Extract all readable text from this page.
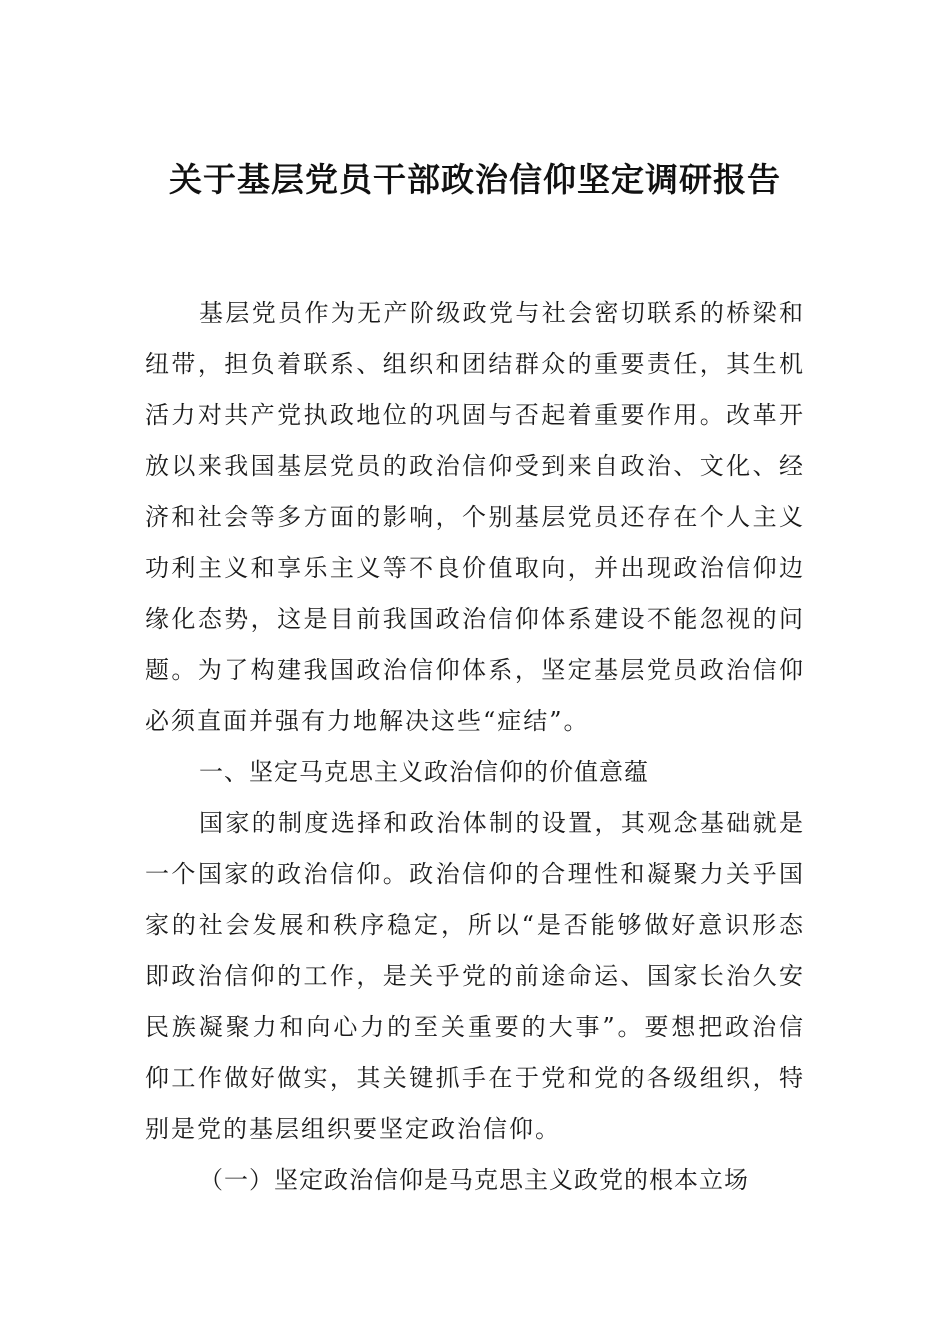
关于基层党员干部政治信仰坚定调研报告

基层党员作为无产阶级政党与社会密切联系的桥梁和纽带，担负着联系、组织和团结群众的重要责任，其生机活力对共产党执政地位的巩固与否起着重要作用。改革开放以来我国基层党员的政治信仰受到来自政治、文化、经济和社会等多方面的影响，个别基层党员还存在个人主义功利主义和享乐主义等不良价值取向，并出现政治信仰边缘化态势，这是目前我国政治信仰体系建设不能忽视的问题。为了构建我国政治信仰体系，坚定基层党员政治信仰必须直面并强有力地解决这些“症结”。

一、坚定马克思主义政治信仰的价值意蕴

国家的制度选择和政治体制的设置，其观念基础就是一个国家的政治信仰。政治信仰的合理性和凝聚力关乎国家的社会发展和秩序稳定，所以“是否能够做好意识形态即政治信仰的工作，是关乎党的前途命运、国家长治久安民族凝聚力和向心力的至关重要的大事”。要想把政治信仰工作做好做实，其关键抓手在于党和党的各级组织，特别是党的基层组织要坚定政治信仰。

（一）坚定政治信仰是马克思主义政党的根本立场
